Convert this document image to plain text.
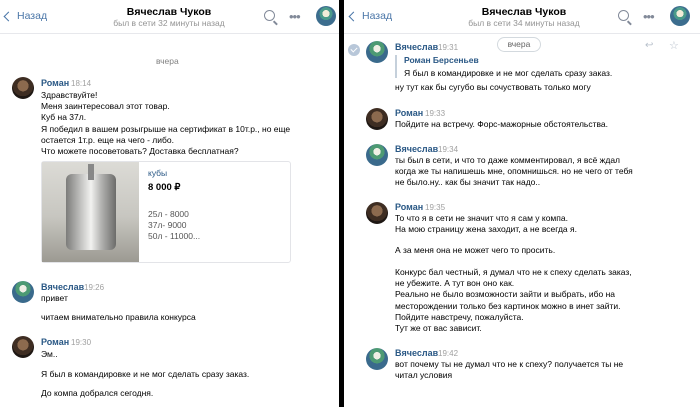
Назад	Вячеслав Чуков
был в сети 32 минуты назад	•••
вчера
Роман 18:14
Здравствуйте!
Меня заинтересовал этот товар.
Куб на 37л.
Я победил в вашем розыгрыше на сертификат в 10т.р., но еще
остается 1т.р. еще на чего - либо.
Что можете посоветовать? Доставка бесплатная?
кубы
8 000 ₽
25л - 8000
37л- 9000
50л - 11000...
Вячеслав 19:26
привет
читаем внимательно правила конкурса
Роман 19:30
Эм..
Я был в командировке и не мог сделать сразу заказ.
До компа добрался сегодня.
Назад	Вячеслав Чуков
был в сети 34 минуты назад	•••
вчера	↩ ☆
Вячеслав 19:31
Роман Берсеньев
Я был в командировке и не мог сделать сразу заказ.
ну тут как бы сугубо вы сочуствовать только могу
Роман 19:33
Пойдите на встречу. Форс-мажорные обстоятельства.
Вячеслав 19:34
ты был в сети, и что то даже комментировал, я всё ждал
когда же ты напишешь мне, опомнишься. но не чего от тебя
не было.ну.. как бы значит так надо..
Роман 19:35
То что я в сети не значит что я сам у компа.
На мою страницу жена заходит, а не всегда я.
А за меня она не может чего то просить.
Конкурс бал честный, я думал что не к спеху сделать заказ,
не убежите. А тут вон оно как.
Реально не было возможности зайти и выбрать, ибо на
месторождении только без картинок можно в инет зайти.
Пойдите навстречу, пожалуйста.
Тут же от вас зависит.
Вячеслав 19:42
вот почему ты не думал что не к спеху? получается ты не
читал условия
